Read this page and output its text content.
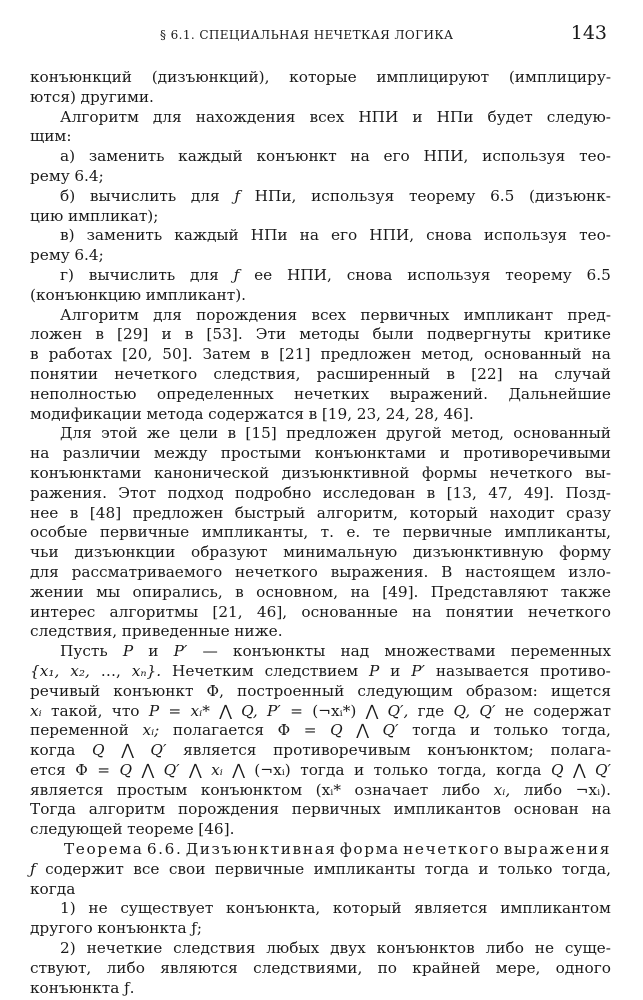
§ 6.1. СПЕЦИАЛЬНАЯ НЕЧЕТКАЯ ЛОГИКА	143
конъюнкций (дизъюнкций), которые имплицируют (имплициру-
ются) другими.
Алгоритм для нахождения всех НПИ и НПи будет следую-
щим:
а) заменить каждый конъюнкт на его НПИ, используя тео-
рему 6.4;
б) вычислить для ƒ НПи, используя теорему 6.5 (дизъюнк-
цию импликат);
в) заменить каждый НПи на его НПИ, снова используя тео-
рему 6.4;
г) вычислить для ƒ ее НПИ, снова используя теорему 6.5
(конъюнкцию импликант).
Алгоритм для порождения всех первичных импликант пред-
ложен в [29] и в [53]. Эти методы были подвергнуты критике
в работах [20, 50]. Затем в [21] предложен метод, основанный на
понятии нечеткого следствия, расширенный в [22] на случай
неполностью определенных нечетких выражений. Дальнейшие
модификации метода содержатся в [19, 23, 24, 28, 46].
Для этой же цели в [15] предложен другой метод, основанный
на различии между простыми конъюнктами и противоречивыми
конъюнктами канонической дизъюнктивной формы нечеткого вы-
ражения. Этот подход подробно исследован в [13, 47, 49]. Позд-
нее в [48] предложен быстрый алгоритм, который находит сразу
особые первичные импликанты, т. е. те первичные импликанты,
чьи дизъюнкции образуют минимальную дизъюнктивную форму
для рассматриваемого нечеткого выражения. В настоящем изло-
жении мы опирались, в основном, на [49]. Представляют также
интерес алгоритмы [21, 46], основанные на понятии нечеткого
следствия, приведенные ниже.
Пусть P и P′ — конъюнкты над множествами переменных
{x₁, x₂, …, xₙ}. Нечетким следствием P и P′ называется противо-
речивый конъюнкт Φ, построенный следующим образом: ищется
xᵢ такой, что P = xᵢ* ⋀ Q, P′ = (¬xᵢ*) ⋀ Q′, где Q, Q′ не содержат
переменной xᵢ; полагается Φ = Q ⋀ Q′ тогда и только тогда,
когда Q ⋀ Q′ является противоречивым конъюнктом; полага-
ется Φ = Q ⋀ Q′ ⋀ xᵢ ⋀ (¬xᵢ) тогда и только тогда, когда Q ⋀ Q′
является простым конъюнктом (xᵢ* означает либо xᵢ, либо ¬xᵢ).
Тогда алгоритм порождения первичных импликантов основан на
следующей теореме [46].
Теорема 6.6. Дизъюнктивная форма нечеткого выражения
ƒ содержит все свои первичные импликанты тогда и только тогда,
когда
1) не существует конъюнкта, который является импликантом
другого конъюнкта ƒ;
2) нечеткие следствия любых двух конъюнктов либо не суще-
ствуют, либо являются следствиями, по крайней мере, одного
конъюнкта ƒ.
